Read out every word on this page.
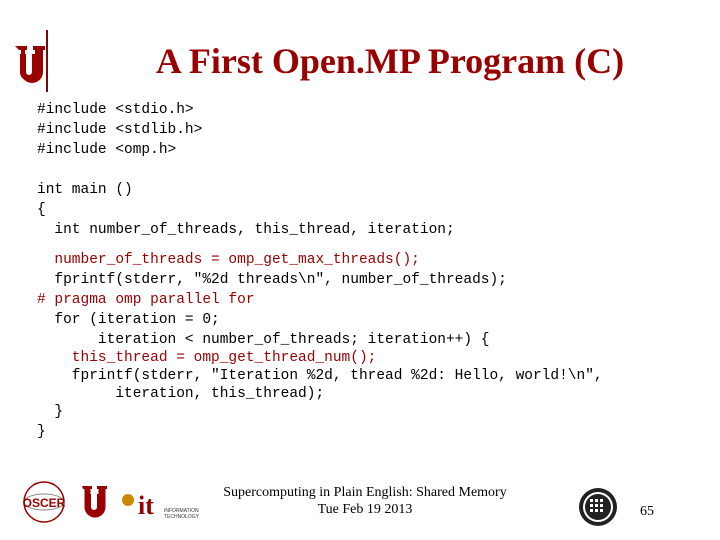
A First Open.MP Program (C)

#include <stdio.h>

#include <stdlib.h>

#include <omp.h>

int main ()

{

int number_of_threads, this_thread, iteration;

number_of_threads = omp_get_max_threads();

fprintf(stderr, "%2d threads\n", number_of_threads);

# pragma omp parallel for

for (iteration = 0;

iteration < number_of_threads; iteration++) {

this_thread = omp_get_thread_num();

fprintf(stderr, "Iteration %2d, thread %2d: Hello, world!\n",

iteration, this_thread);

}

}

OSCER	it INFORMATION
TECHNOLOGY
Supercomputing in Plain English: Shared Memory
Tue Feb 19 2013	65
